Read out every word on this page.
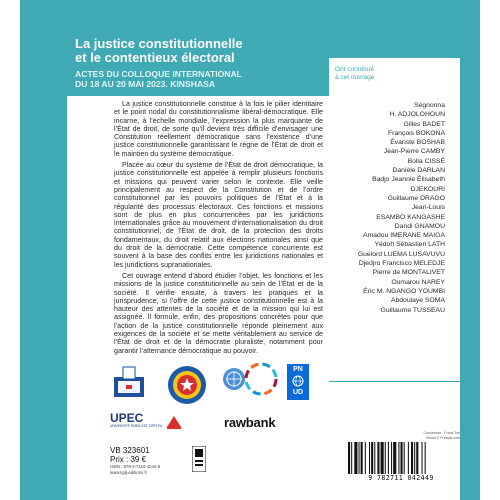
La justice constitutionnelle
et le contentieux électoral
ACTES DU COLLOQUE INTERNATIONAL
DU 18 AU 20 MAI 2023. KINSHASA

La justice constitutionnelle constitue à la fois le pilier identitaire et le point nodal du constitutionnalisme libéral-démocratique. Elle incarne, à l’échelle mondiale, l’expression la plus marquante de l’État de droit, de sorte qu’il devient très difficile d’envisager une Constitution réellement démocratique sans l’existence d’une justice constitutionnelle garantissant le règne de l’État de droit et le maintien du système démocratique.

Placée au cœur du système de l’État de droit démocratique, la justice constitutionnelle est appelée à remplir plusieurs fonctions et missions qui peuvent varier selon le contexte. Elle veille principalement au respect de la Constitution et de l’ordre constitutionnel par les pouvoirs politiques de l’État et à la régularité des processus électoraux. Ces fonctions et missions sont de plus en plus concurrencées par les juridictions internationales grâce au mouvement d’internationalisation du droit constitutionnel, de l’État de droit, de la protection des droits fondamentaux, du droit relatif aux élections nationales ainsi que du droit de la démocratie. Cette compétence concurrente est souvent à la base des conflits entre les juridictions nationales et les juridictions supranationales.

Cet ouvrage entend d’abord étudier l’objet, les fonctions et les missions de la justice constitutionnelle au sein de l’État et de la société. Il vérifie ensuite, à travers les pratiques et la jurisprudence, si l’offre de cette justice constitutionnelle est à la hauteur des attentes de la société et de la mission qui lui est assignée. Il formule, enfin, des propositions concrètes pour que l’action de la justice constitutionnelle réponde pleinement aux exigences de la société et se mette véritablement au service de l’État de droit et de la démocratie pluraliste, notamment pour garantir l’alternance démocratique au pouvoir.

Ont contribué
à cet ouvrage
Ségnonna
H. ADJOLOHOUN
Gilles BADET
François BOKONA
Évariste BOSHAB
Jean-Pierre CAMBY
Bolla CISSÉ
Danièle DARLAN
Badjo Jeannie Élisabeth
DJEKOURI
Guillaume DRAGO
Jean-Louis
ESAMBO KANGASHE
Dandi GNAMOU
Amadou IMERANE MAIGA
Yédoh Sébastien LATH
Guelord LUEMA LUSAVUVU
Djedjro Francisco MELEDJE
Pierre de MONTALIVET
Oumarou NAREY
Éric M. NGANGO YOUMBI
Abdoulaye SOMA
Guillaume TUSSEAU
PN
UD
UPEC
UNIVERSITÉ PARIS-EST CRÉTEIL	rawbank
VB 323601
Prix : 39 €
ISBN : 978-2-7110-4244-9
www.lgdj-editions.fr
Couverture : Frank Tsé
Visuel © Freepik.com
9 782711 042449
